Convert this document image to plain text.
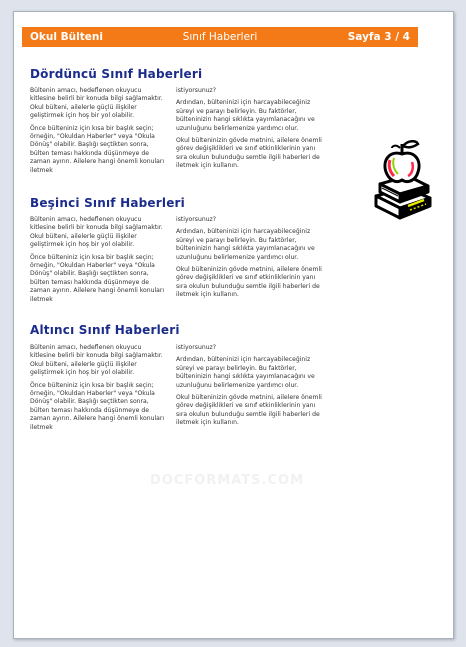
Okul Bülteni	Sınıf Haberleri	Sayfa 3 / 4
Dördüncü Sınıf Haberleri

Bültenin amacı, hedeflenen okuyucu kitlesine belirli bir konuda bilgi sağlamaktır. Okul bülteni, ailelerle güçlü ilişkiler geliştirmek için hoş bir yol olabilir.

Önce bülteniniz için kısa bir başlık seçin; örneğin, "Okuldan Haberler" veya "Okula Dönüş" olabilir. Başlığı seçtikten sonra, bülten teması hakkında düşünmeye de zaman ayırın. Ailelere hangi önemli konuları iletmek

istiyorsunuz?

Ardından, bülteninizi için harcayabileceğiniz süreyi ve parayı belirleyin. Bu faktörler, bülteninizin hangi sıklıkta yayımlanacağını ve uzunluğunu belirlemenize yardımcı olur.

Okul bülteninizin gövde metnini, ailelere önemli görev değişiklikleri ve sınıf etkinliklerinin yanı sıra okulun bulunduğu semtle ilgili haberleri de iletmek için kullanın.

Beşinci Sınıf Haberleri

Bültenin amacı, hedeflenen okuyucu kitlesine belirli bir konuda bilgi sağlamaktır. Okul bülteni, ailelerle güçlü ilişkiler geliştirmek için hoş bir yol olabilir.

Önce bülteniniz için kısa bir başlık seçin; örneğin, "Okuldan Haberler" veya "Okula Dönüş" olabilir. Başlığı seçtikten sonra, bülten teması hakkında düşünmeye de zaman ayırın. Ailelere hangi önemli konuları iletmek

istiyorsunuz?

Ardından, bülteninizi için harcayabileceğiniz süreyi ve parayı belirleyin. Bu faktörler, bülteninizin hangi sıklıkta yayımlanacağını ve uzunluğunu belirlemenize yardımcı olur.

Okul bülteninizin gövde metnini, ailelere önemli görev değişiklikleri ve sınıf etkinliklerinin yanı sıra okulun bulunduğu semtle ilgili haberleri de iletmek için kullanın.

Altıncı Sınıf Haberleri

Bültenin amacı, hedeflenen okuyucu kitlesine belirli bir konuda bilgi sağlamaktır. Okul bülteni, ailelerle güçlü ilişkiler geliştirmek için hoş bir yol olabilir.

Önce bülteniniz için kısa bir başlık seçin; örneğin, "Okuldan Haberler" veya "Okula Dönüş" olabilir. Başlığı seçtikten sonra, bülten teması hakkında düşünmeye de zaman ayırın. Ailelere hangi önemli konuları iletmek

istiyorsunuz?

Ardından, bülteninizi için harcayabileceğiniz süreyi ve parayı belirleyin. Bu faktörler, bülteninizin hangi sıklıkta yayımlanacağını ve uzunluğunu belirlemenize yardımcı olur.

Okul bülteninizin gövde metnini, ailelere önemli görev değişiklikleri ve sınıf etkinliklerinin yanı sıra okulun bulunduğu semtle ilgili haberleri de iletmek için kullanın.

DOCFORMATS.COM
